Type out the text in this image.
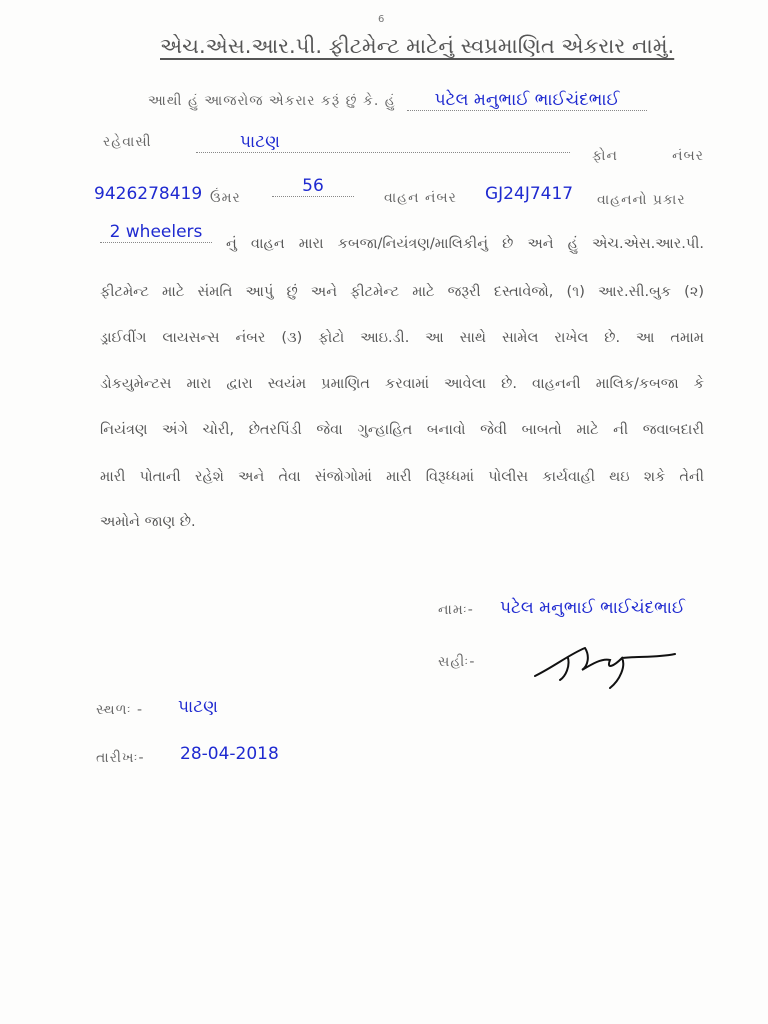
6
એચ.એસ.આર.પી. ફીટમેન્ટ માટેનું સ્વપ્રમાણિત એકરાર નામું.
આથી હું આજરોજ એકરાર કરૂં છું કે. હું પટેલ મનુભાઈ ભાઈચંદભાઈ
રહેવાસી	પાટણ
ફોન નંબર
9426278419 ઉંમર
56
વાહન નંબર GJ24J7417 વાહનનો પ્રકાર
2 wheelers
નું વાહન મારા કબજા/નિયંત્રણ/માલિકીનું છે અને હું એચ.એસ.આર.પી.
ફીટમેન્ટ માટે સંમતિ આપું છું અને ફીટમેન્ટ માટે જરૂરી દસ્તાવેજો, (૧) આર.સી.બુક (૨)
ડ્રાઈવીંગ લાયસન્સ નંબર (૩) ફોટો આઇ.ડી. આ સાથે સામેલ રાખેલ છે. આ તમામ
ડોકયુમેન્ટસ મારા દ્વારા સ્વયંમ પ્રમાણિત કરવામાં આવેલા છે. વાહનની માલિક/કબજા કે
નિયંત્રણ અંગે ચોરી, છેતરપિંડી જેવા ગુન્હાહિત બનાવો જેવી બાબતો માટે ની જવાબદારી
મારી પોતાની રહેશે અને તેવા સંજોગોમાં મારી વિરૂધ્ધમાં પોલીસ કાર્યવાહી થઇ શકે તેની
અમોને જાણ છે.
નામઃ- પટેલ મનુભાઈ ભાઈચંદભાઈ
સહીઃ-
સ્થળઃ - પાટણ
તારીખઃ- 28-04-2018
